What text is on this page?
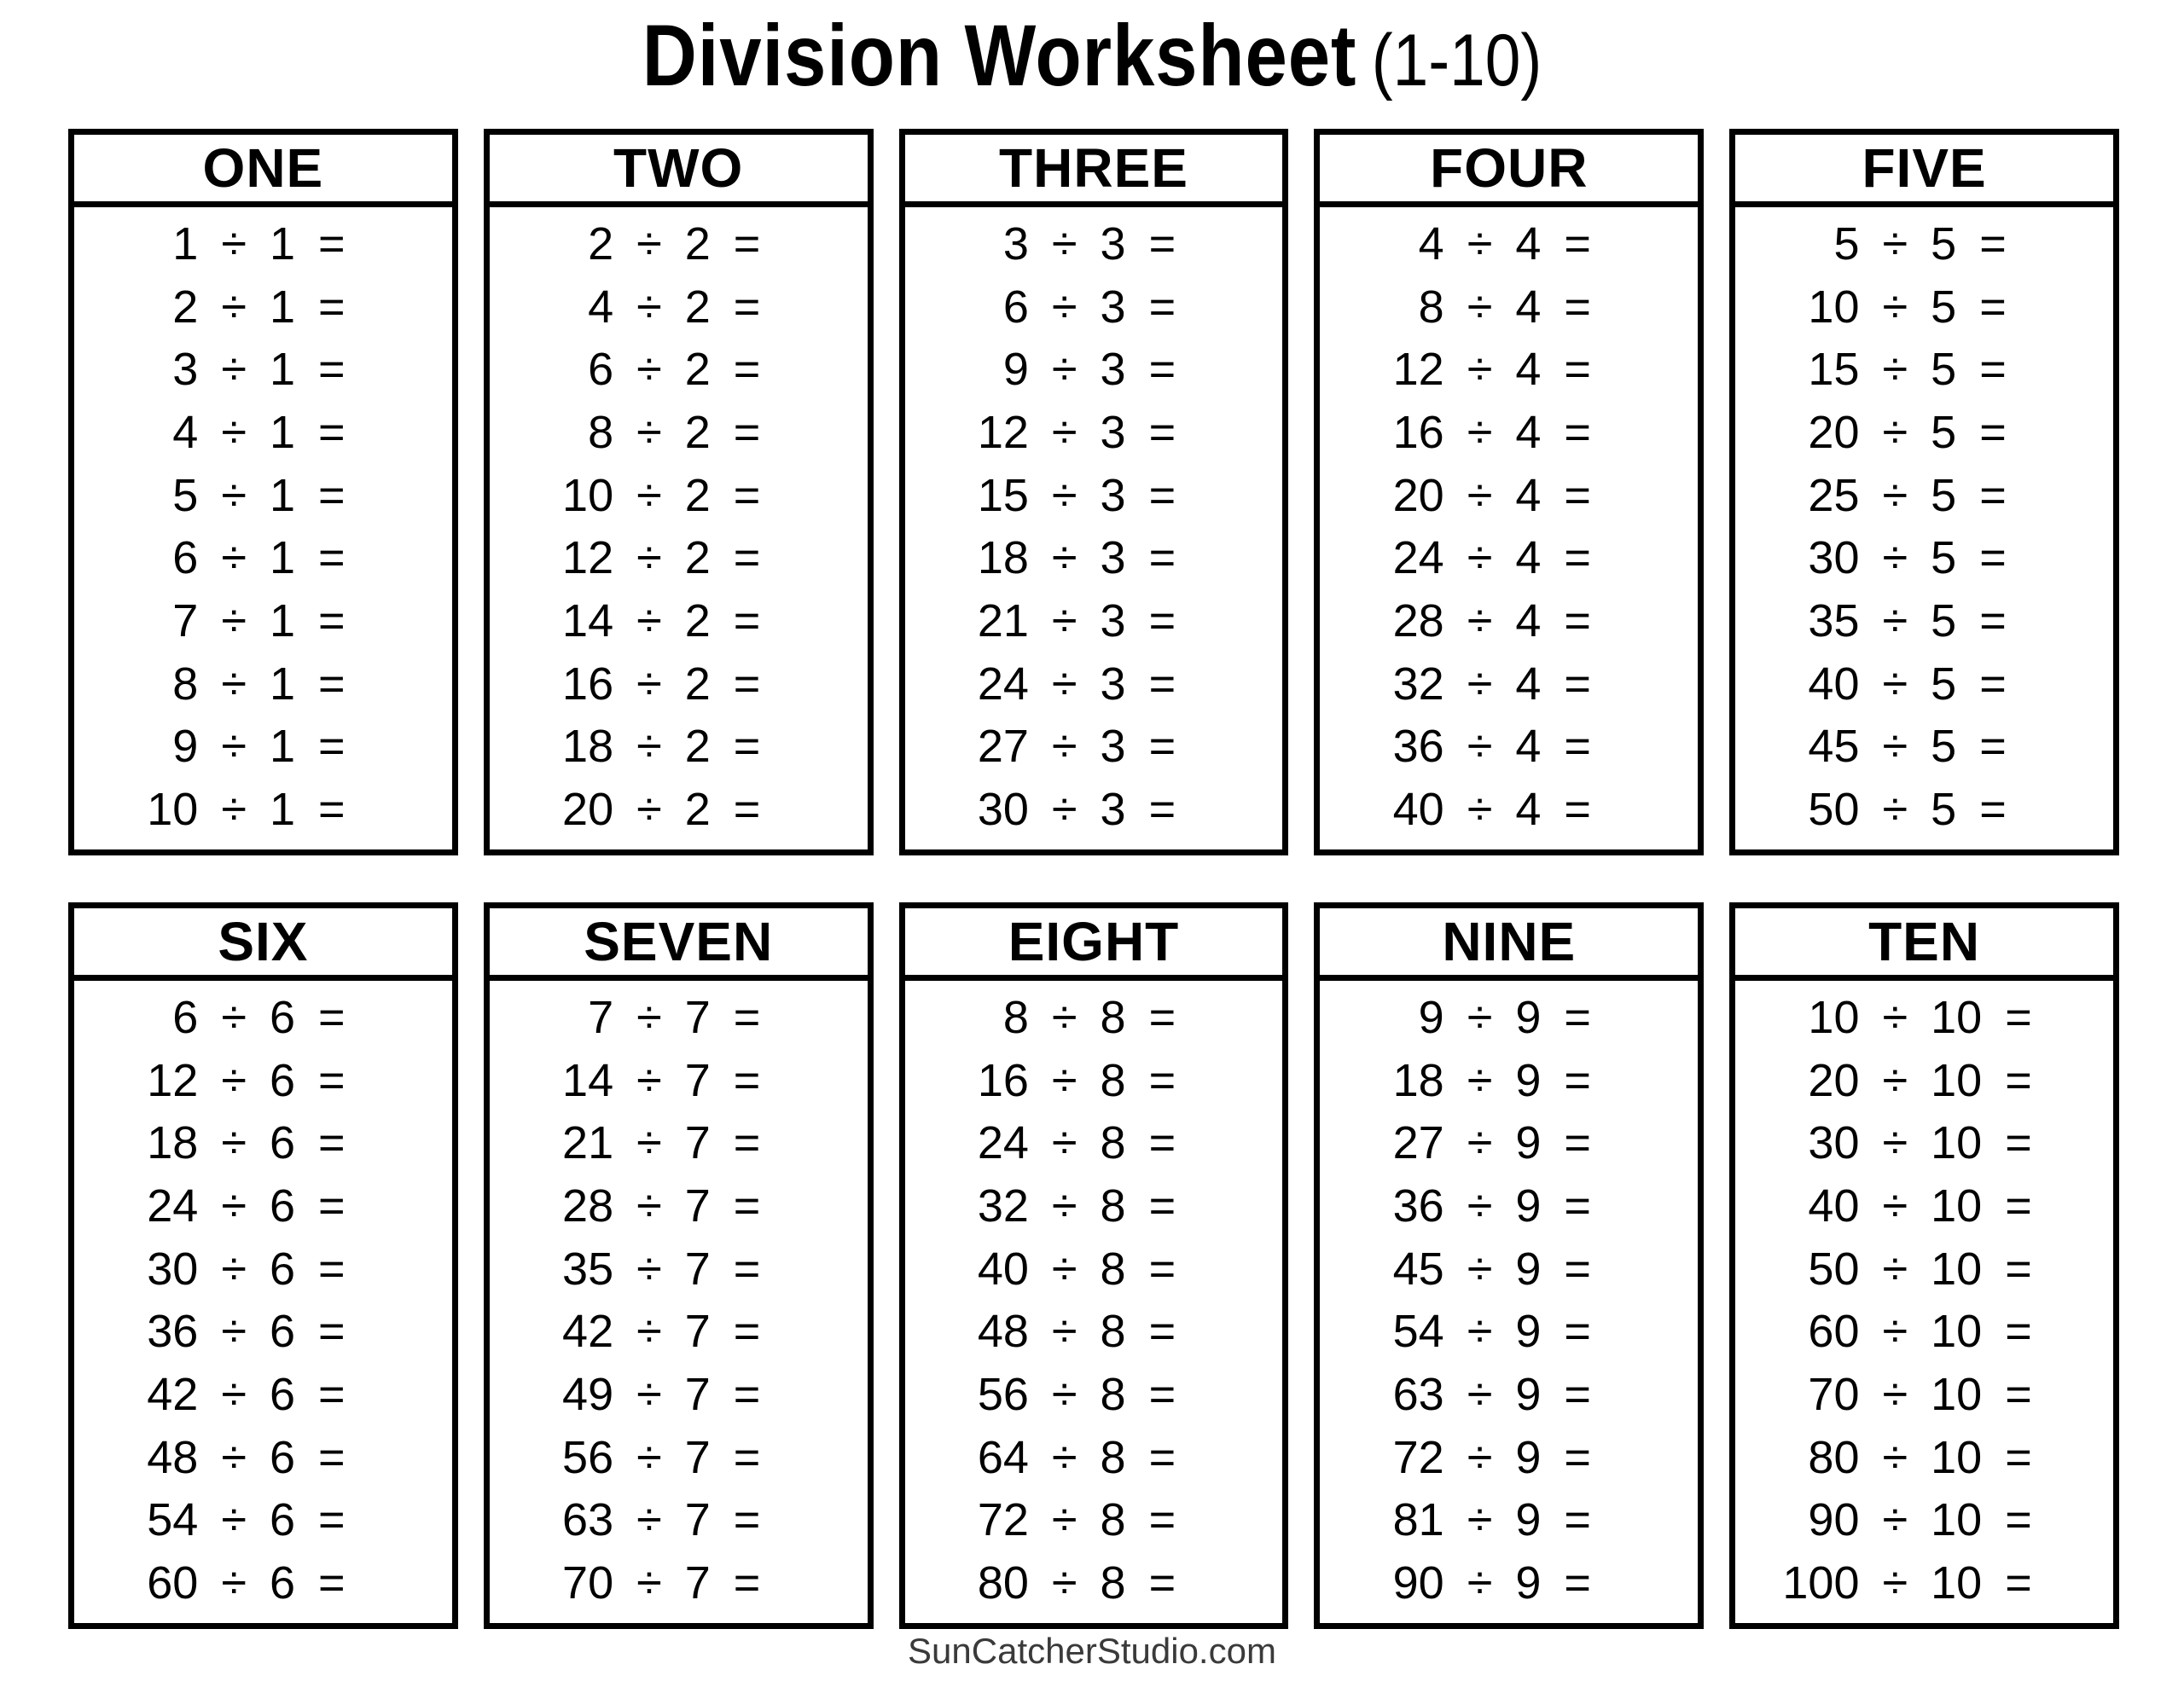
Division Worksheet (1-10)
ONE
1 ÷ 1 =
2 ÷ 1 =
3 ÷ 1 =
4 ÷ 1 =
5 ÷ 1 =
6 ÷ 1 =
7 ÷ 1 =
8 ÷ 1 =
9 ÷ 1 =
10 ÷ 1 =
TWO
2 ÷ 2 =
4 ÷ 2 =
6 ÷ 2 =
8 ÷ 2 =
10 ÷ 2 =
12 ÷ 2 =
14 ÷ 2 =
16 ÷ 2 =
18 ÷ 2 =
20 ÷ 2 =
THREE
3 ÷ 3 =
6 ÷ 3 =
9 ÷ 3 =
12 ÷ 3 =
15 ÷ 3 =
18 ÷ 3 =
21 ÷ 3 =
24 ÷ 3 =
27 ÷ 3 =
30 ÷ 3 =
FOUR
4 ÷ 4 =
8 ÷ 4 =
12 ÷ 4 =
16 ÷ 4 =
20 ÷ 4 =
24 ÷ 4 =
28 ÷ 4 =
32 ÷ 4 =
36 ÷ 4 =
40 ÷ 4 =
FIVE
5 ÷ 5 =
10 ÷ 5 =
15 ÷ 5 =
20 ÷ 5 =
25 ÷ 5 =
30 ÷ 5 =
35 ÷ 5 =
40 ÷ 5 =
45 ÷ 5 =
50 ÷ 5 =
SIX
6 ÷ 6 =
12 ÷ 6 =
18 ÷ 6 =
24 ÷ 6 =
30 ÷ 6 =
36 ÷ 6 =
42 ÷ 6 =
48 ÷ 6 =
54 ÷ 6 =
60 ÷ 6 =
SEVEN
7 ÷ 7 =
14 ÷ 7 =
21 ÷ 7 =
28 ÷ 7 =
35 ÷ 7 =
42 ÷ 7 =
49 ÷ 7 =
56 ÷ 7 =
63 ÷ 7 =
70 ÷ 7 =
EIGHT
8 ÷ 8 =
16 ÷ 8 =
24 ÷ 8 =
32 ÷ 8 =
40 ÷ 8 =
48 ÷ 8 =
56 ÷ 8 =
64 ÷ 8 =
72 ÷ 8 =
80 ÷ 8 =
NINE
9 ÷ 9 =
18 ÷ 9 =
27 ÷ 9 =
36 ÷ 9 =
45 ÷ 9 =
54 ÷ 9 =
63 ÷ 9 =
72 ÷ 9 =
81 ÷ 9 =
90 ÷ 9 =
TEN
10 ÷ 10 =
20 ÷ 10 =
30 ÷ 10 =
40 ÷ 10 =
50 ÷ 10 =
60 ÷ 10 =
70 ÷ 10 =
80 ÷ 10 =
90 ÷ 10 =
100 ÷ 10 =
SunCatcherStudio.com
